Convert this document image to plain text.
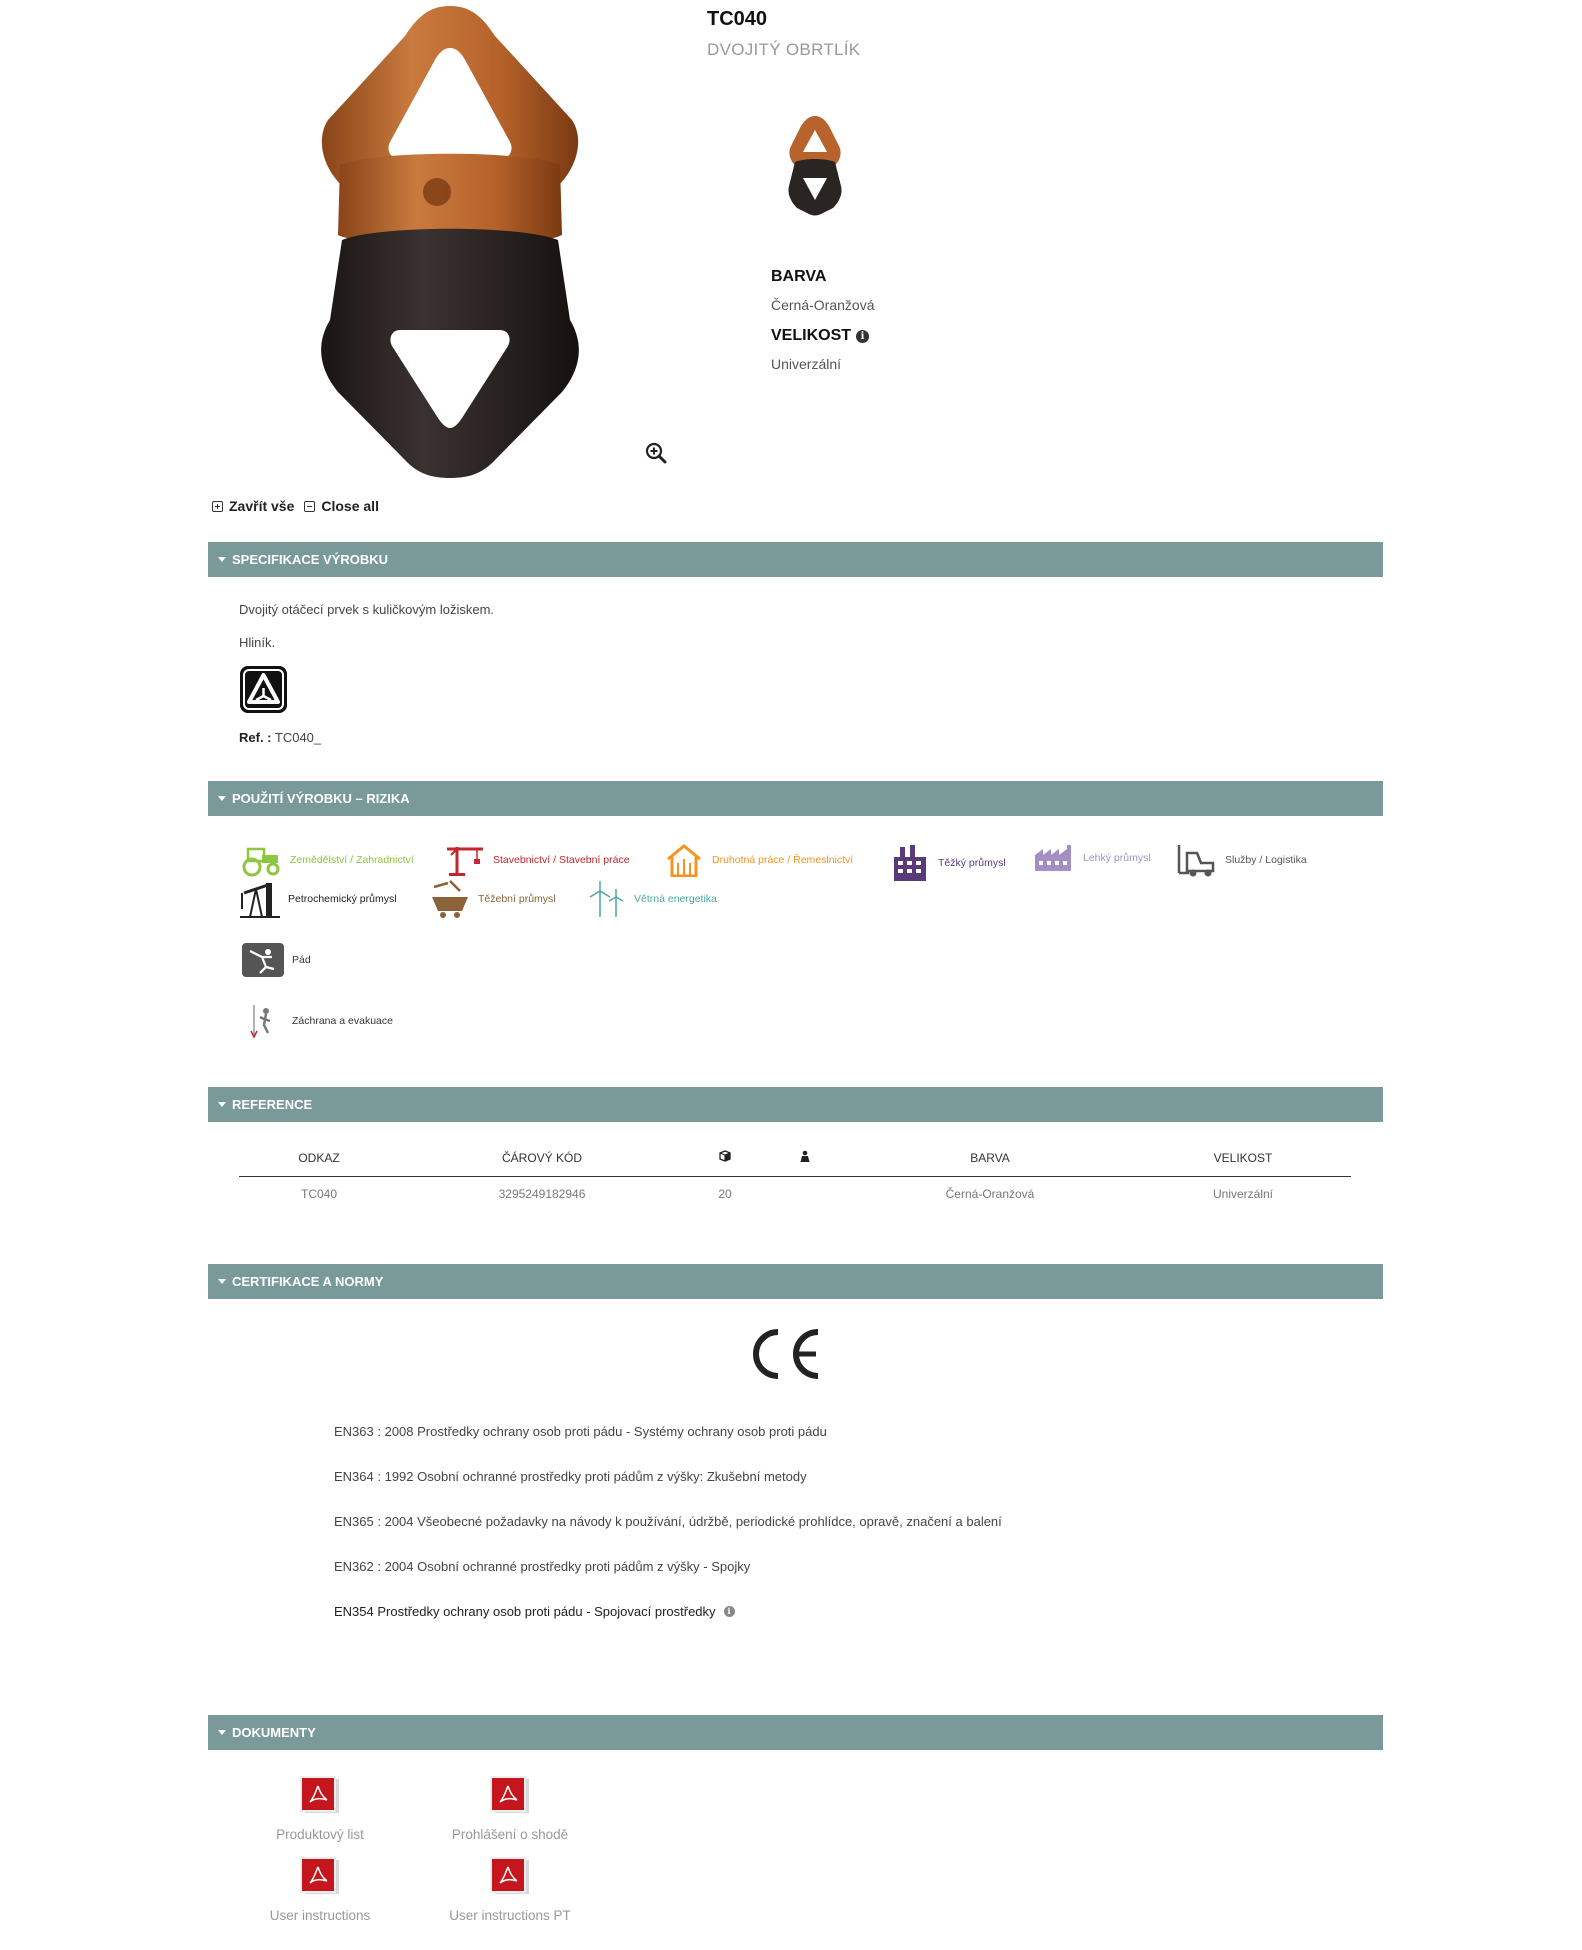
TC040
DVOJITÝ OBRTLÍK
BARVA
Černá-Oranžová
VELIKOST i
Univerzální
Zavřít vše Close all
SPECIFIKACE VÝROBKU
Dvojitý otáčecí prvek s kuličkovým ložiskem.
Hliník.
Ref. : TC040_
POUŽITÍ VÝROBKU – RIZIKA
Zemědělství / Zahradnictví	Stavebnictví / Stavební práce	Druhotná práce / Řemeslnictví	Těžký průmysl	Lehký průmysl	Služby / Logistika
Petrochemický průmysl	Těžební průmysl	Větrná energetika
Pád
Záchrana a evakuace
REFERENCE
ODKAZ	ČÁROVÝ KÓD			BARVA	VELIKOST
TC040	3295249182946	20		Černá-Oranžová	Univerzální
CERTIFIKACE A NORMY
EN363 : 2008 Prostředky ochrany osob proti pádu - Systémy ochrany osob proti pádu
EN364 : 1992 Osobní ochranné prostředky proti pádům z výšky: Zkušební metody
EN365 : 2004 Všeobecné požadavky na návody k používání, údržbě, periodické prohlídce, opravě, značení a balení
EN362 : 2004 Osobní ochranné prostředky proti pádům z výšky - Spojky
EN354 Prostředky ochrany osob proti pádu - Spojovací prostředky	i
DOKUMENTY
Produktový list	Prohlášení o shodě
User instructions	User instructions PT
